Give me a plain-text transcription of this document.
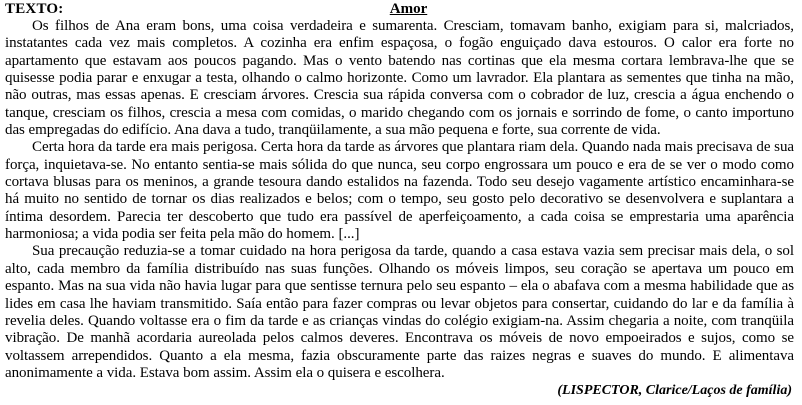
TEXTO:	Amor

Os filhos de Ana eram bons, uma coisa verdadeira e sumarenta. Cresciam, tomavam banho, exigiam para si, malcriados, instatantes cada vez mais completos. A cozinha era enfim espaçosa, o fogão enguiçado dava estouros. O calor era forte no apartamento que estavam aos poucos pagando. Mas o vento batendo nas cortinas que ela mesma cortara lembrava-lhe que se quisesse podia parar e enxugar a testa, olhando o calmo horizonte. Como um lavrador. Ela plantara as sementes que tinha na mão, não outras, mas essas apenas. E cresciam árvores. Crescia sua rápida conversa com o cobrador de luz, crescia a água enchendo o tanque, cresciam os filhos, crescia a mesa com comidas, o marido chegando com os jornais e sorrindo de fome, o canto importuno das empregadas do edifício. Ana dava a tudo, tranqüilamente, a sua mão pequena e forte, sua corrente de vida.

Certa hora da tarde era mais perigosa. Certa hora da tarde as árvores que plantara riam dela. Quando nada mais precisava de sua força, inquietava-se. No entanto sentia-se mais sólida do que nunca, seu corpo engrossara um pouco e era de se ver o modo como cortava blusas para os meninos, a grande tesoura dando estalidos na fazenda. Todo seu desejo vagamente artístico encaminhara-se há muito no sentido de tornar os dias realizados e belos; com o tempo, seu gosto pelo decorativo se desenvolvera e suplantara a íntima desordem. Parecia ter descoberto que tudo era passível de aperfeiçoamento, a cada coisa se emprestaria uma aparência harmoniosa; a vida podia ser feita pela mão do homem. [...]

Sua precaução reduzia-se a tomar cuidado na hora perigosa da tarde, quando a casa estava vazia sem precisar mais dela, o sol alto, cada membro da família distribuído nas suas funções. Olhando os móveis limpos, seu coração se apertava um pouco em espanto. Mas na sua vida não havia lugar para que sentisse ternura pelo seu espanto – ela o abafava com a mesma habilidade que as lides em casa lhe haviam transmitido. Saía então para fazer compras ou levar objetos para consertar, cuidando do lar e da família à revelia deles. Quando voltasse era o fim da tarde e as crianças vindas do colégio exigiam-na. Assim chegaria a noite, com tranqüila vibração. De manhã acordaria aureolada pelos calmos deveres. Encontrava os móveis de novo empoeirados e sujos, como se voltassem arrependidos. Quanto a ela mesma, fazia obscuramente parte das raizes negras e suaves do mundo. E alimentava anonimamente a vida. Estava bom assim. Assim ela o quisera e escolhera.

(LISPECTOR, Clarice/Laços de família)
